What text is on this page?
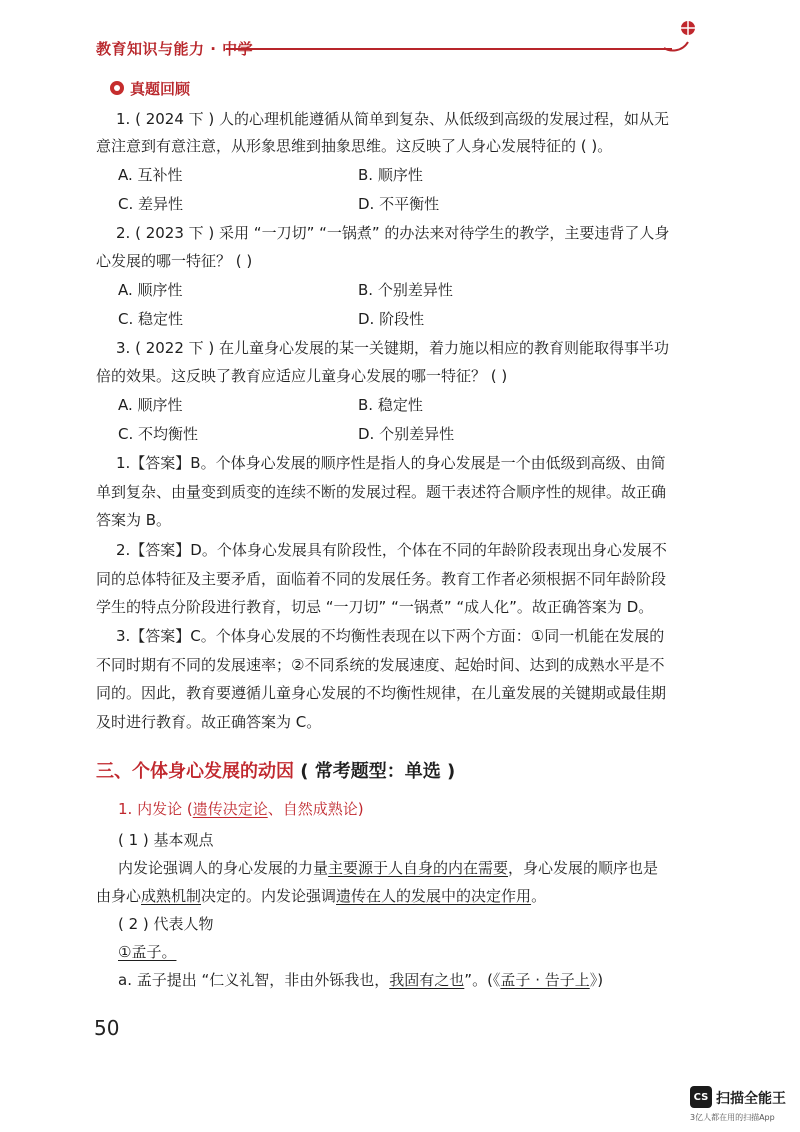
教育知识与能力 · 中学
真题回顾
1. ( 2024 下 ) 人的心理机能遵循从简单到复杂、从低级到高级的发展过程，如从无
意注意到有意注意，从形象思维到抽象思维。这反映了人身心发展特征的 ( )。
A. 互补性	B. 顺序性
C. 差异性	D. 不平衡性
2. ( 2023 下 ) 采用 “一刀切” “一锅煮” 的办法来对待学生的教学，主要违背了人身
心发展的哪一特征？ ( )
A. 顺序性	B. 个别差异性
C. 稳定性	D. 阶段性
3. ( 2022 下 ) 在儿童身心发展的某一关键期，着力施以相应的教育则能取得事半功
倍的效果。这反映了教育应适应儿童身心发展的哪一特征？ ( )
A. 顺序性	B. 稳定性
C. 不均衡性	D. 个别差异性
1.【答案】B。个体身心发展的顺序性是指人的身心发展是一个由低级到高级、由简
单到复杂、由量变到质变的连续不断的发展过程。题干表述符合顺序性的规律。故正确
答案为 B。
2.【答案】D。个体身心发展具有阶段性，个体在不同的年龄阶段表现出身心发展不
同的总体特征及主要矛盾，面临着不同的发展任务。教育工作者必须根据不同年龄阶段
学生的特点分阶段进行教育，切忌 “一刀切” “一锅煮” “成人化”。故正确答案为 D。
3.【答案】C。个体身心发展的不均衡性表现在以下两个方面：①同一机能在发展的
不同时期有不同的发展速率；②不同系统的发展速度、起始时间、达到的成熟水平是不
同的。因此，教育要遵循儿童身心发展的不均衡性规律，在儿童发展的关键期或最佳期
及时进行教育。故正确答案为 C。
三、个体身心发展的动因 ( 常考题型：单选 )
1. 内发论 (遗传决定论、自然成熟论)
( 1 ) 基本观点
内发论强调人的身心发展的力量主要源于人自身的内在需要，身心发展的顺序也是
由身心成熟机制决定的。内发论强调遗传在人的发展中的决定作用。
( 2 ) 代表人物
①孟子。
a. 孟子提出 “仁义礼智，非由外铄我也，我固有之也”。(《孟子 · 告子上》)
50
CS 扫描全能王
3亿人都在用的扫描App
